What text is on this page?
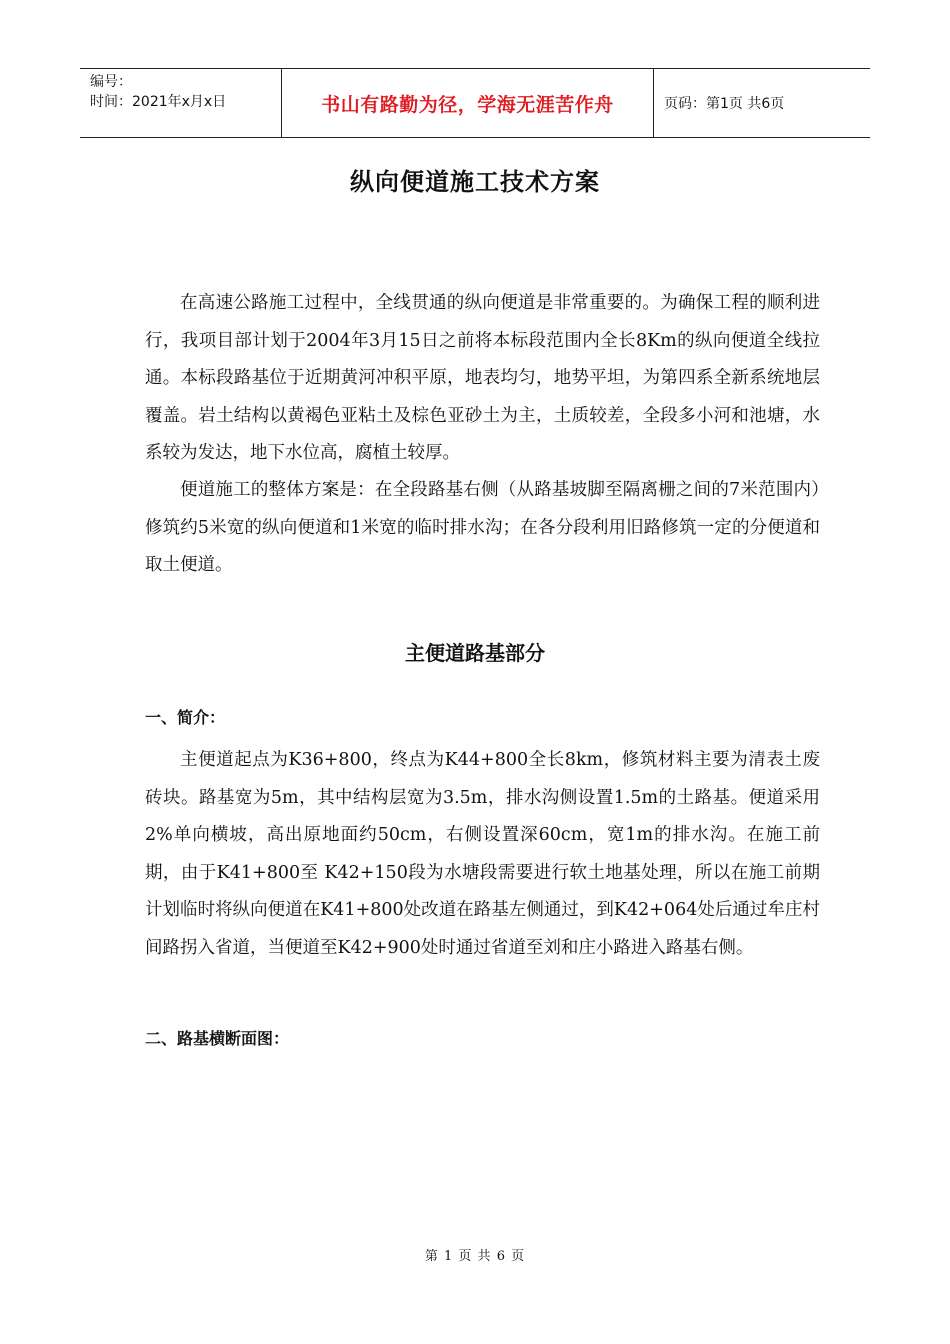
编号：
时间：2021年x月x日	书山有路勤为径，学海无涯苦作舟	页码：第1页 共6页
纵向便道施工技术方案
在高速公路施工过程中，全线贯通的纵向便道是非常重要的。为确保工程的顺利进行，我项目部计划于2004年3月15日之前将本标段范围内全长8Km的纵向便道全线拉通。本标段路基位于近期黄河冲积平原，地表均匀，地势平坦，为第四系全新系统地层覆盖。岩土结构以黄褐色亚粘土及棕色亚砂土为主，土质较差，全段多小河和池塘，水系较为发达，地下水位高，腐植土较厚。
便道施工的整体方案是：在全段路基右侧（从路基坡脚至隔离栅之间的7米范围内）修筑约5米宽的纵向便道和1米宽的临时排水沟；在各分段利用旧路修筑一定的分便道和取土便道。
主便道路基部分
一、简介：
主便道起点为K36+800，终点为K44+800全长8km，修筑材料主要为清表土废砖块。路基宽为5m，其中结构层宽为3.5m，排水沟侧设置1.5m的土路基。便道采用2%单向横坡，高出原地面约50cm，右侧设置深60cm，宽1m的排水沟。在施工前期，由于K41+800至 K42+150段为水塘段需要进行软土地基处理，所以在施工前期计划临时将纵向便道在K41+800处改道在路基左侧通过，到K42+064处后通过牟庄村间路拐入省道，当便道至K42+900处时通过省道至刘和庄小路进入路基右侧。
二、路基横断面图：
第 1 页 共 6 页
